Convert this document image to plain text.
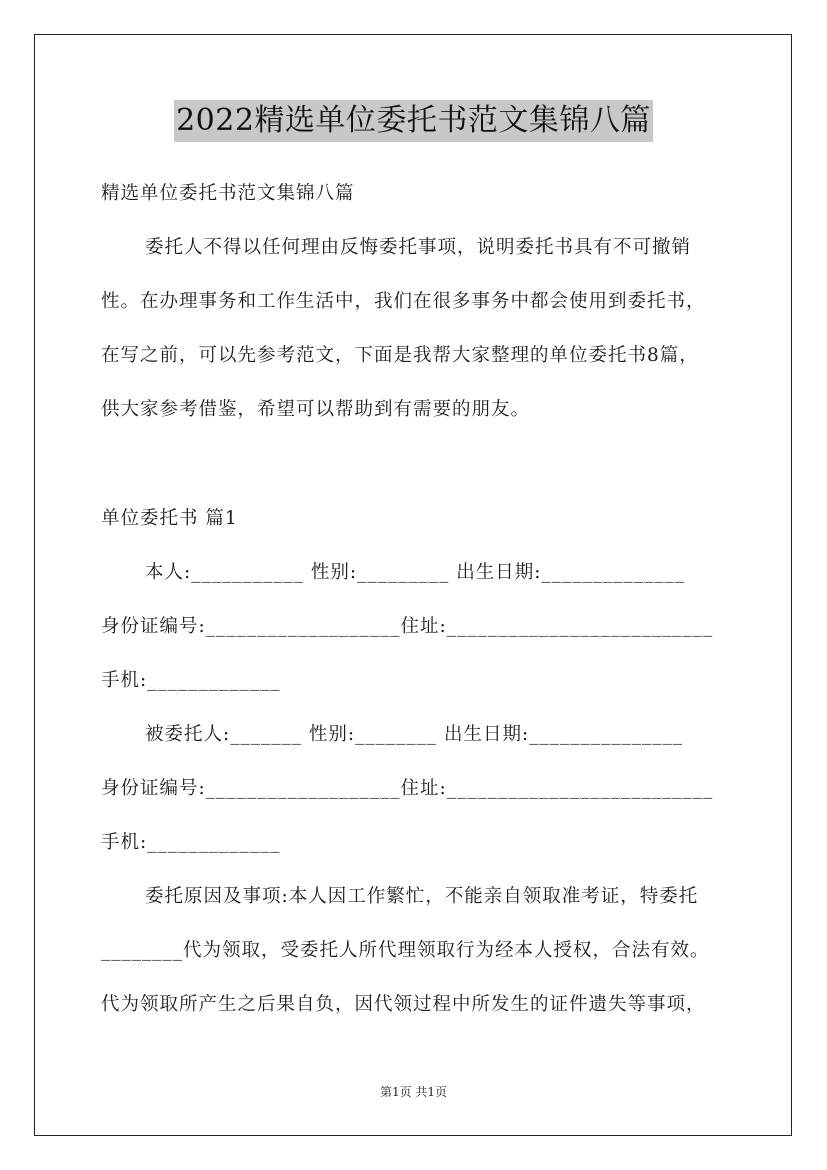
2022精选单位委托书范文集锦八篇
精选单位委托书范文集锦八篇
委托人不得以任何理由反悔委托事项，说明委托书具有不可撤销
性。在办理事务和工作生活中，我们在很多事务中都会使用到委托书，
在写之前，可以先参考范文，下面是我帮大家整理的单位委托书8篇，
供大家参考借鉴，希望可以帮助到有需要的朋友。
单位委托书 篇1
本人:___________ 性别:_________ 出生日期:______________
身份证编号:___________________住址:__________________________
手机:_____________
被委托人:_______ 性别:________ 出生日期:_______________
身份证编号:___________________住址:__________________________
手机:_____________
委托原因及事项:本人因工作繁忙，不能亲自领取准考证，特委托
________代为领取，受委托人所代理领取行为经本人授权，合法有效。
代为领取所产生之后果自负，因代领过程中所发生的证件遗失等事项，
第1页 共1页
